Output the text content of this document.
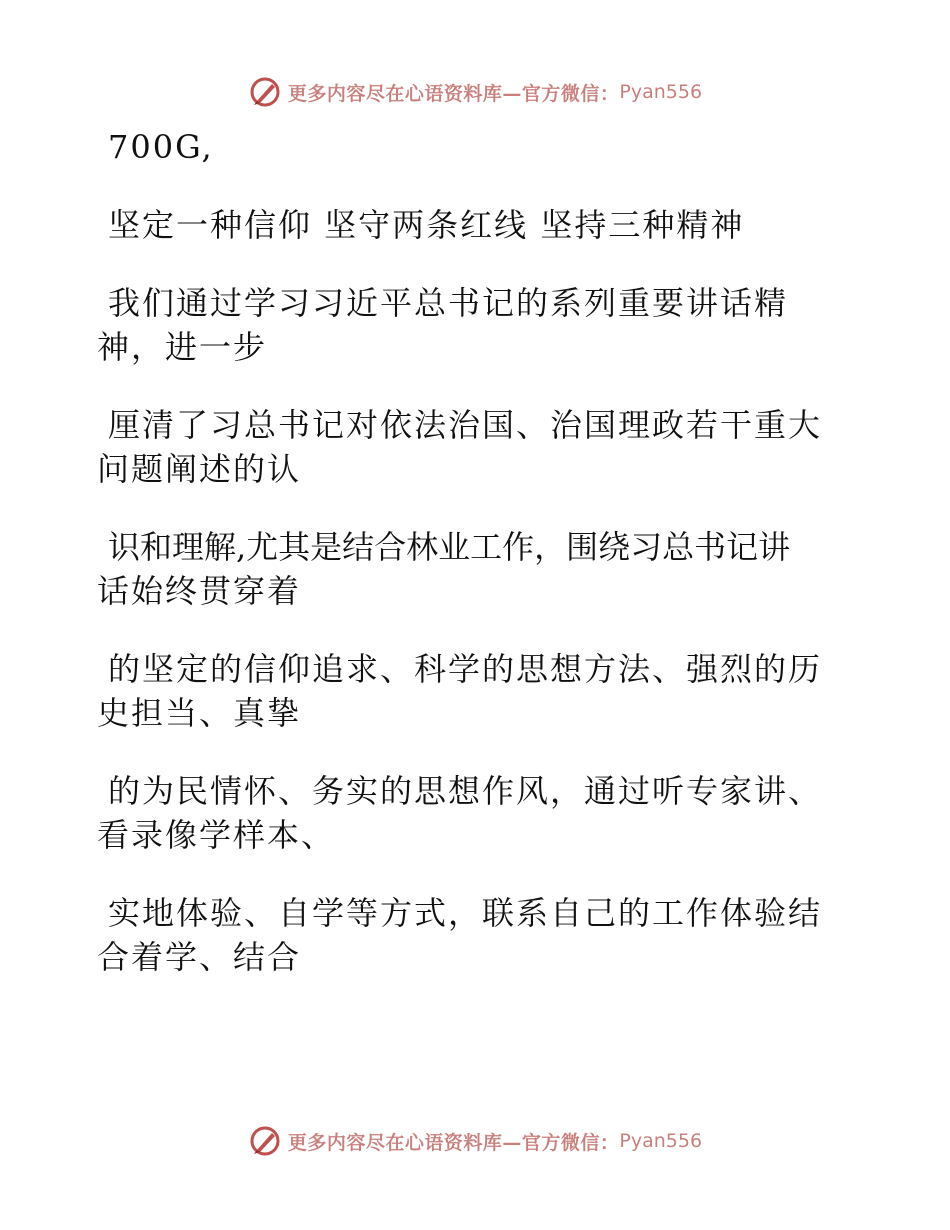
更多内容尽在心语资料库—官方微信： Pyan556
700G,
坚定一种信仰 坚守两条红线 坚持三种精神
我们通过学习习近平总书记的系列重要讲话精
神，进一步
厘清了习总书记对依法治国、治国理政若干重大
问题阐述的认
识和理解,尤其是结合林业工作，围绕习总书记讲
话始终贯穿着
的坚定的信仰追求、科学的思想方法、强烈的历
史担当、真挚
的为民情怀、务实的思想作风，通过听专家讲、
看录像学样本、
实地体验、自学等方式，联系自己的工作体验结
合着学、结合
更多内容尽在心语资料库—官方微信： Pyan556
